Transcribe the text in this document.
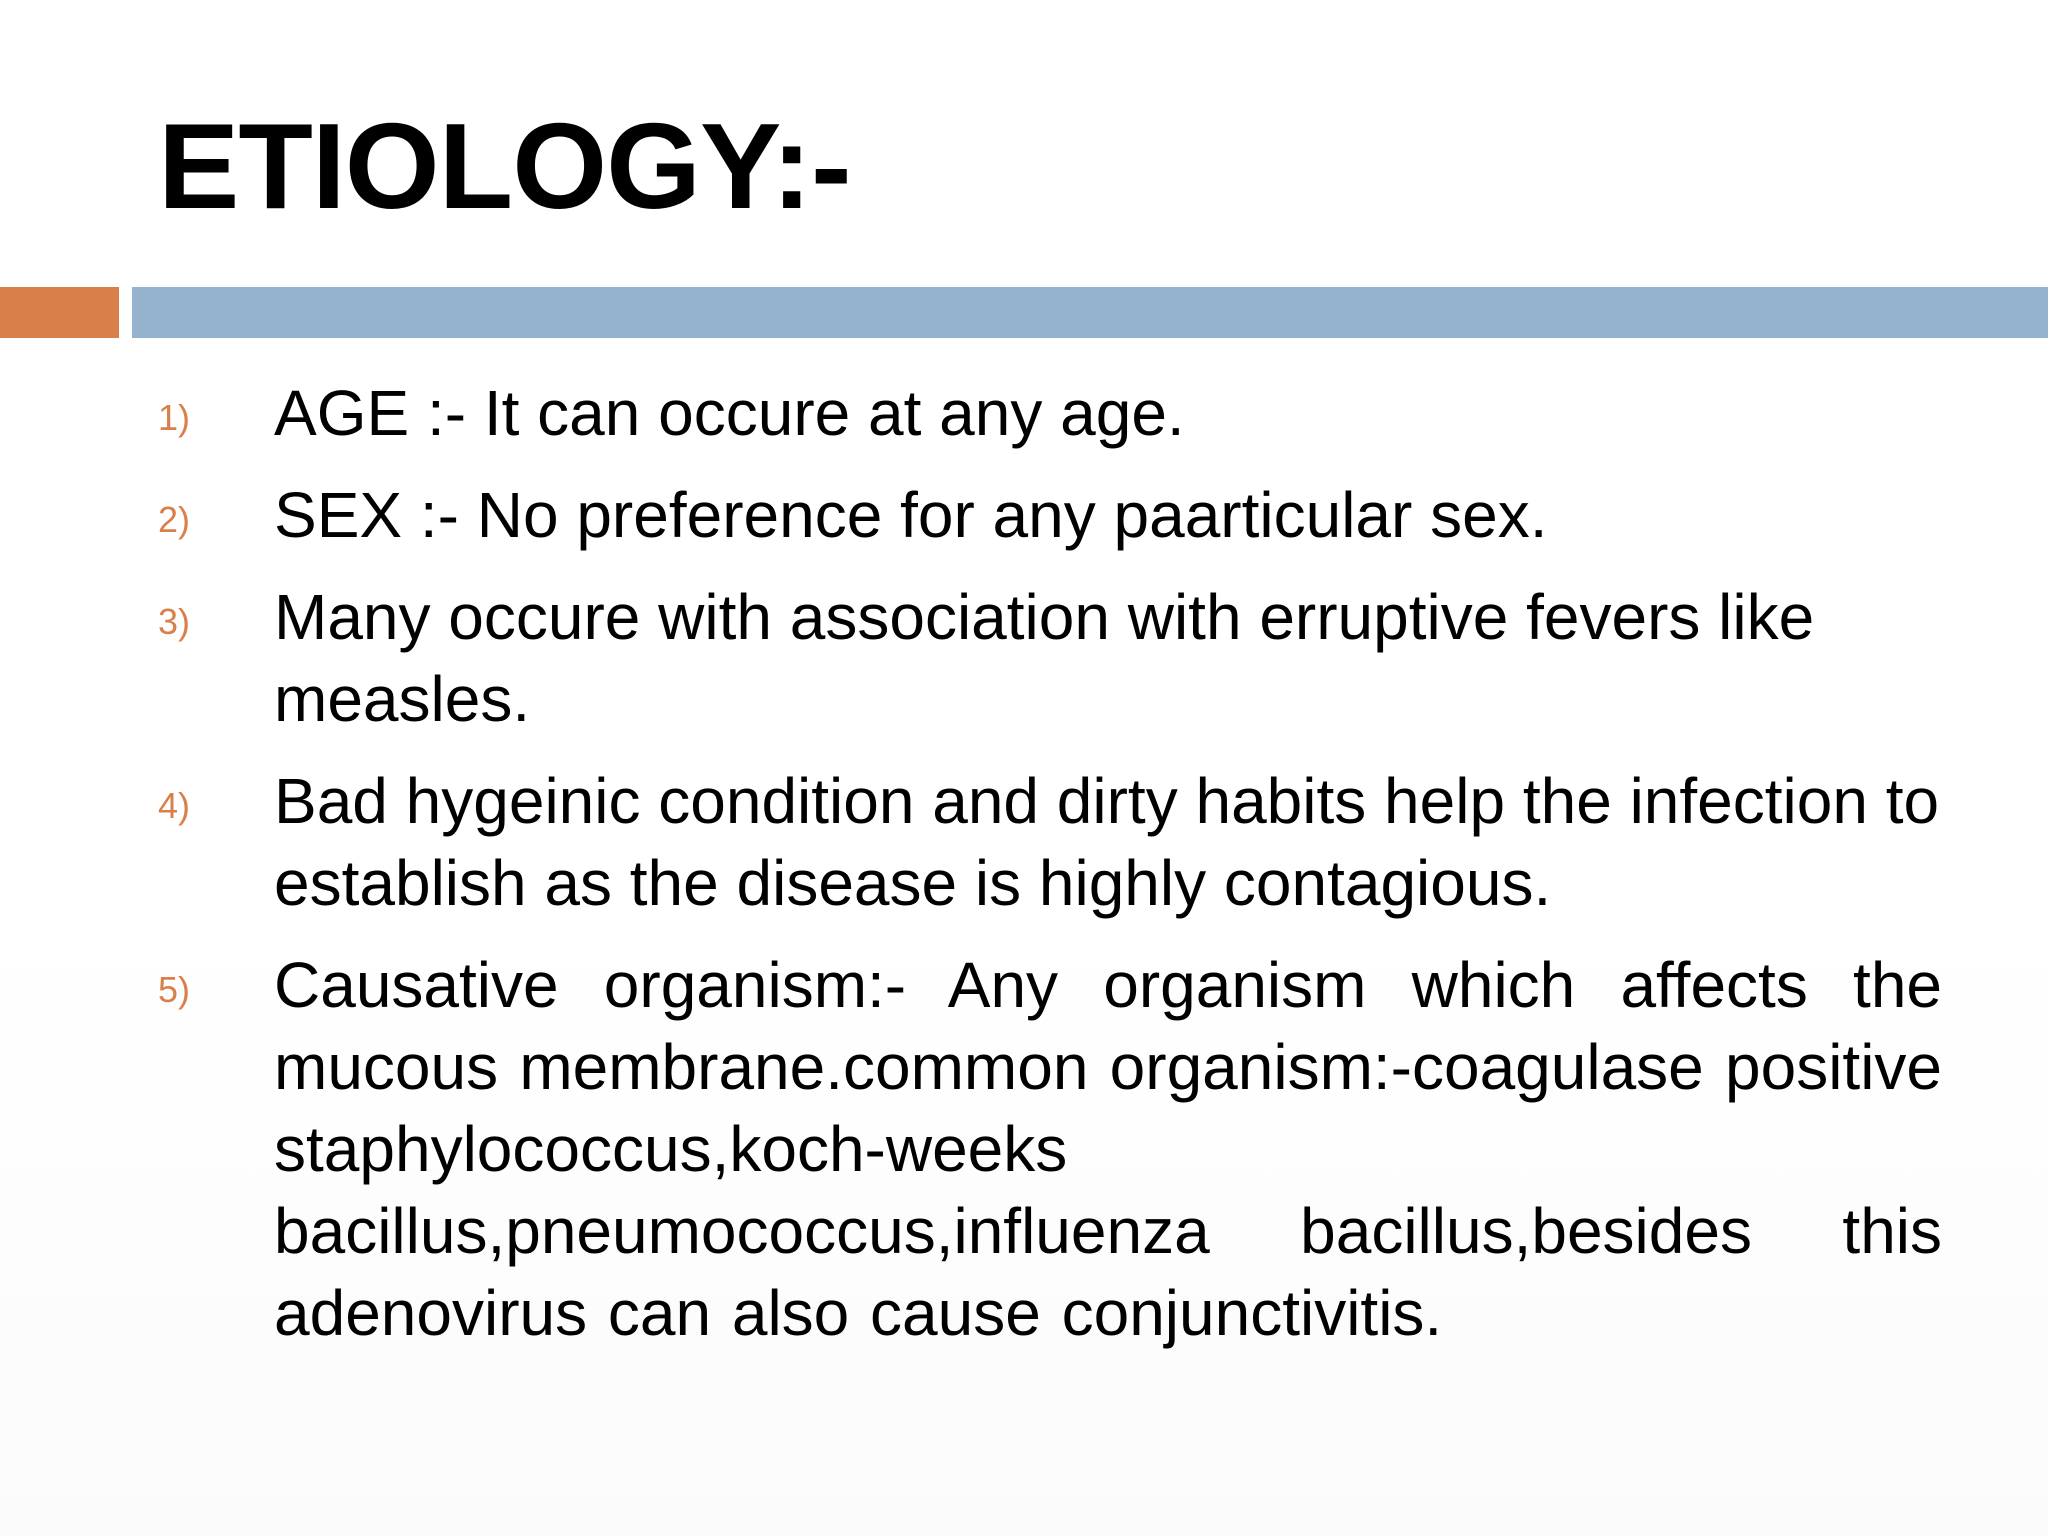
ETIOLOGY:-
1) AGE :- It can occure at any age.
2) SEX :- No preference for any paarticular sex.
3) Many occure with association with erruptive fevers like measles.
4) Bad hygeinic condition and dirty habits help the infection to establish as the disease is highly contagious.
5) Causative organism:- Any organism which affects the mucous membrane.common organism:-coagulase positive staphylococcus,koch-weeks bacillus,pneumococcus,influenza bacillus,besides this adenovirus can also cause conjunctivitis.
